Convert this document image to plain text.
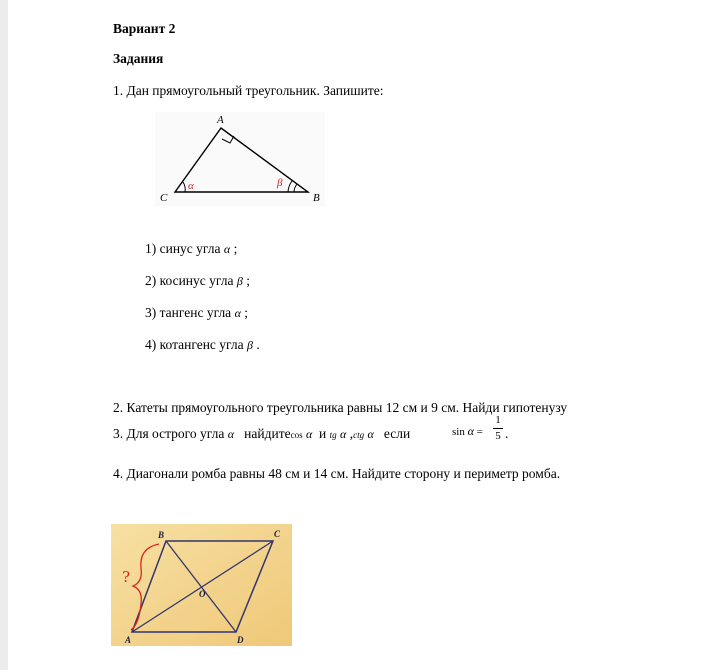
Вариант 2
Задания
1. Дан прямоугольный треугольник. Запишите:
A
C	B
α	β
1) синус угла α ;
2) косинус угла β ;
3) тангенс угла α ;
4) котангенс угла β .
2. Катеты прямоугольного треугольника равны 12 см и 9 см. Найди гипотенузу
3. Для острого угла α найдитеcos α и tg α ,ctg α если	sin α =
1
5 .
4. Диагонали ромба равны 48 см и 14 см. Найдите сторону и периметр ромба.
B	C
A	D
O
?
